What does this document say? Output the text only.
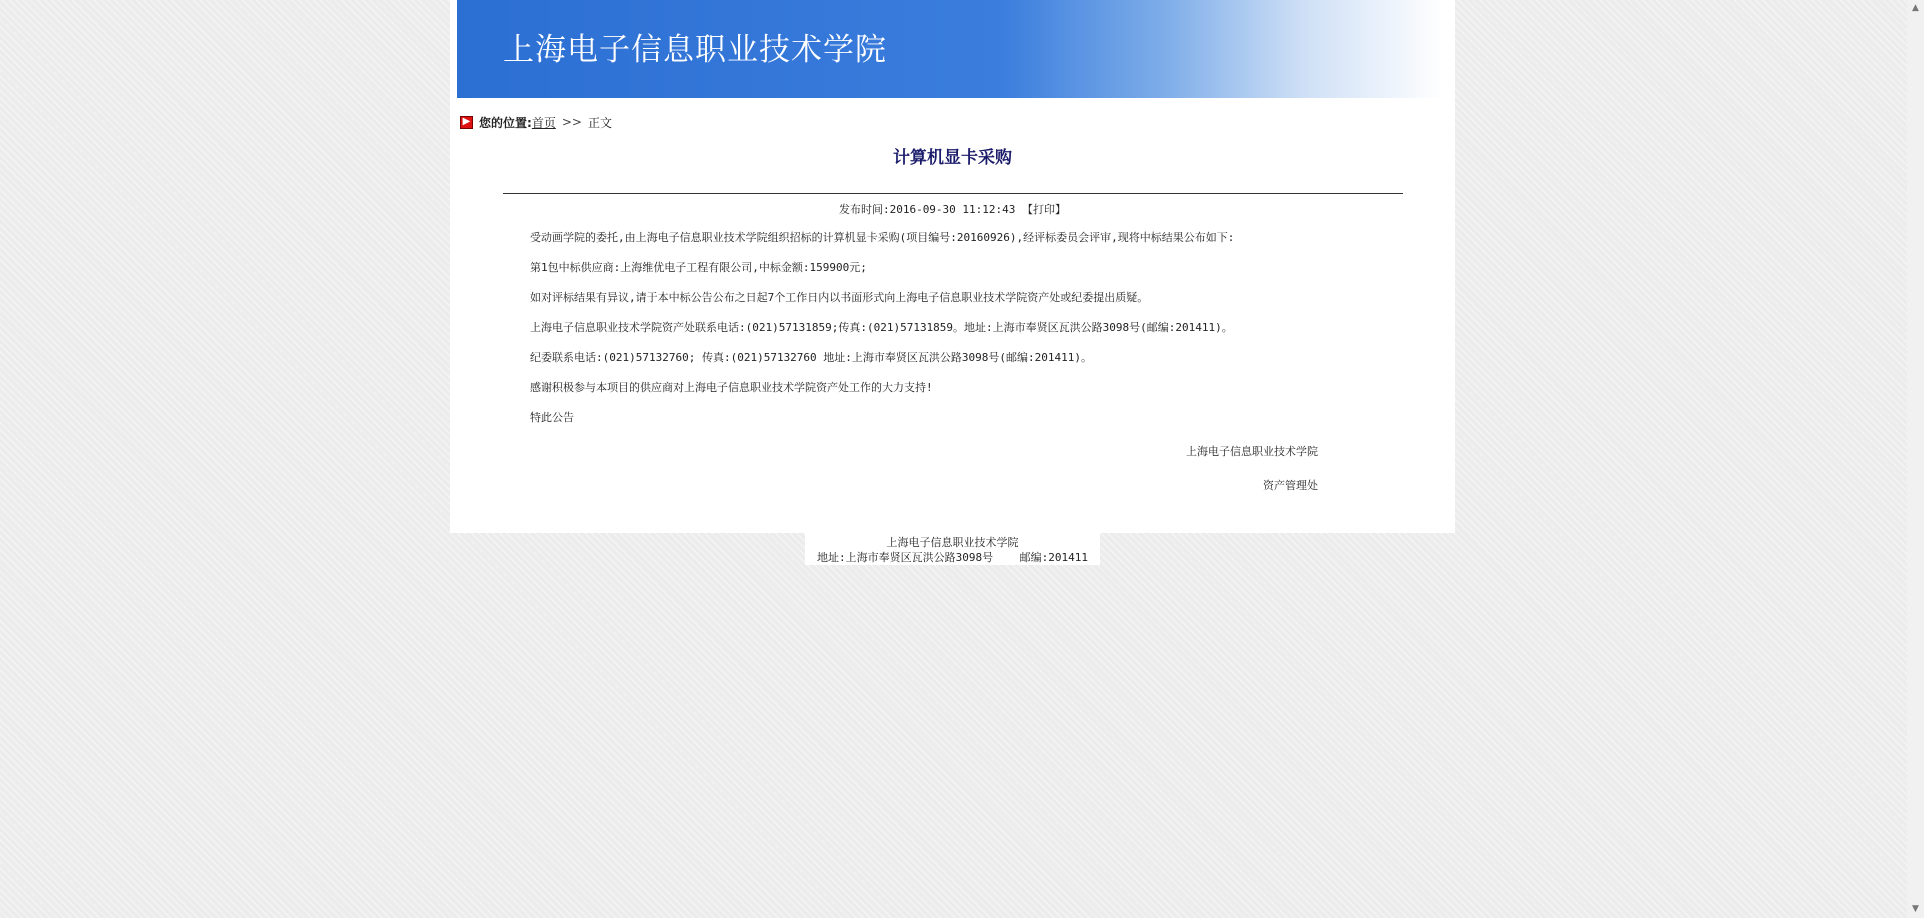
上海电子信息职业技术学院
▶ 您的位置: 首页 >> 正文
计算机显卡采购
发布时间:2016-09-30 11:12:43 【打印】

受动画学院的委托,由上海电子信息职业技术学院组织招标的计算机显卡采购(项目编号:20160926),经评标委员会评审,现将中标结果公布如下:

第1包中标供应商:上海维优电子工程有限公司,中标金额:159900元;

如对评标结果有异议,请于本中标公告公布之日起7个工作日内以书面形式向上海电子信息职业技术学院资产处或纪委提出质疑。

上海电子信息职业技术学院资产处联系电话:(021)57131859;传真:(021)57131859。地址:上海市奉贤区瓦洪公路3098号(邮编:201411)。

纪委联系电话:(021)57132760; 传真:(021)57132760 地址:上海市奉贤区瓦洪公路3098号(邮编:201411)。

感谢积极参与本项目的供应商对上海电子信息职业技术学院资产处工作的大力支持!

特此公告

上海电子信息职业技术学院
资产管理处
上海电子信息职业技术学院
地址:上海市奉贤区瓦洪公路3098号    邮编:201411
▲
▼
